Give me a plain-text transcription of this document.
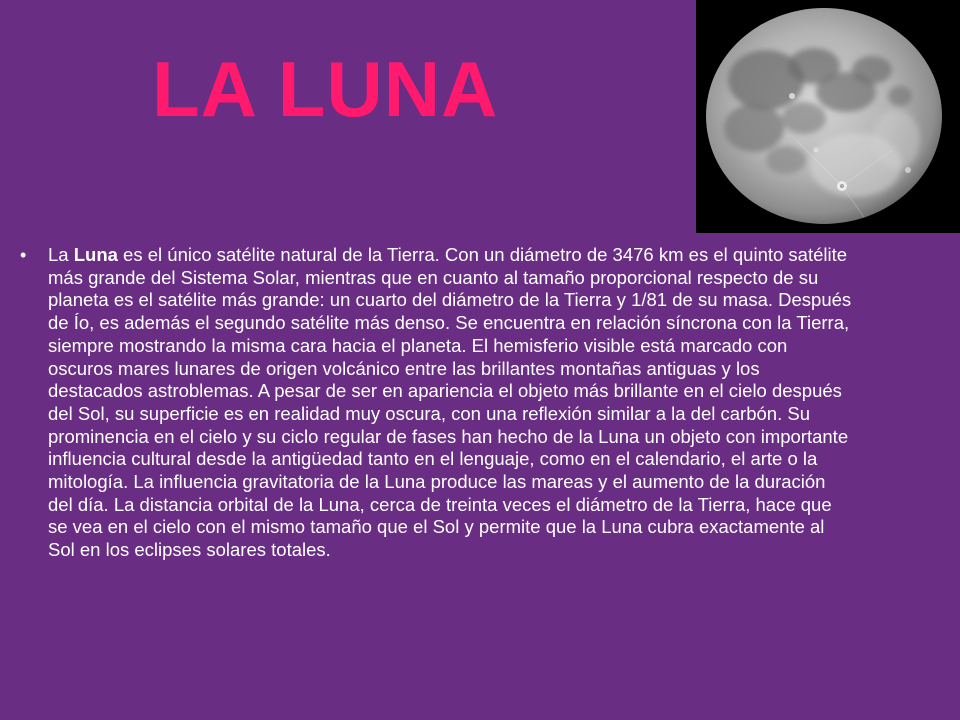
LA LUNA
•	La Luna es el único satélite natural de la Tierra. Con un diámetro de 3476 km es el quinto satélite más grande del Sistema Solar, mientras que en cuanto al tamaño proporcional respecto de su planeta es el satélite más grande: un cuarto del diámetro de la Tierra y 1/81 de su masa. Después de Ío, es además el segundo satélite más denso. Se encuentra en relación síncrona con la Tierra, siempre mostrando la misma cara hacia el planeta. El hemisferio visible está marcado con oscuros mares lunares de origen volcánico entre las brillantes montañas antiguas y los destacados astroblemas. A pesar de ser en apariencia el objeto más brillante en el cielo después del Sol, su superficie es en realidad muy oscura, con una reflexión similar a la del carbón. Su prominencia en el cielo y su ciclo regular de fases han hecho de la Luna un objeto con importante influencia cultural desde la antigüedad tanto en el lenguaje, como en el calendario, el arte o la mitología. La influencia gravitatoria de la Luna produce las mareas y el aumento de la duración del día. La distancia orbital de la Luna, cerca de treinta veces el diámetro de la Tierra, hace que se vea en el cielo con el mismo tamaño que el Sol y permite que la Luna cubra exactamente al Sol en los eclipses solares totales.
